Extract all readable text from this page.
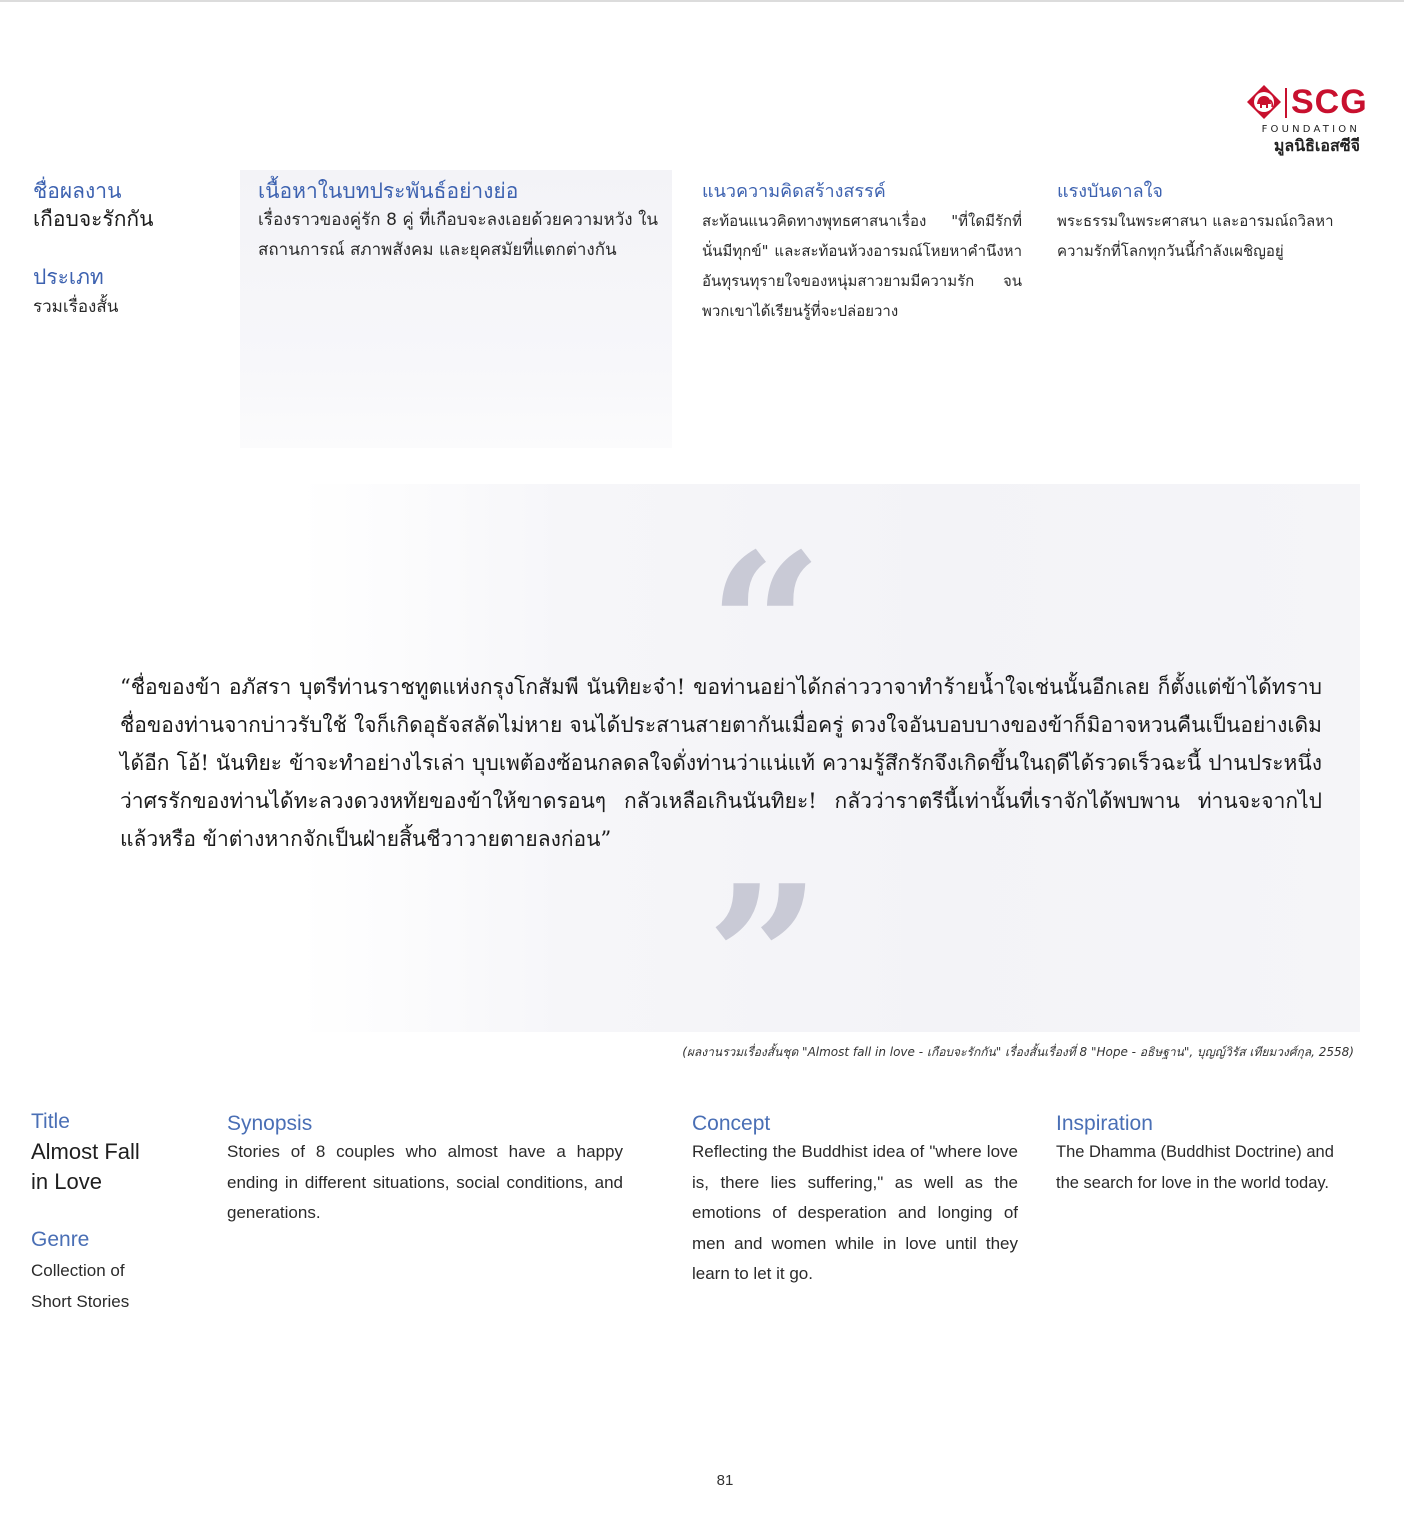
SCG
FOUNDATION
มูลนิธิเอสซีจี
ชื่อผลงาน
เกือบจะรักกัน
ประเภท
รวมเรื่องสั้น
เนื้อหาในบทประพันธ์อย่างย่อ
เรื่องราวของคู่รัก 8 คู่ ที่เกือบจะลงเอยด้วยความหวัง ในสถานการณ์ สภาพสังคม และยุคสมัยที่แตกต่างกัน
แนวความคิดสร้างสรรค์
สะท้อนแนวคิดทางพุทธศาสนาเรื่อง "ที่ใดมีรักที่นั่นมีทุกข์" และสะท้อนห้วงอารมณ์โหยหาคำนึงหา อันทุรนทุรายใจของหนุ่มสาวยามมีความรัก จนพวกเขาได้เรียนรู้ที่จะปล่อยวาง
แรงบันดาลใจ
พระธรรมในพระศาสนา และอารมณ์ถวิลหาความรักที่โลกทุกวันนี้กำลังเผชิญอยู่
“
“ชื่อของข้า อภัสรา บุตรีท่านราชทูตแห่งกรุงโกสัมพี นันทิยะจ๋า! ขอท่านอย่าได้กล่าววาจาทำร้ายน้ำใจเช่นนั้นอีกเลย ก็ตั้งแต่ข้าได้ทราบชื่อของท่านจากบ่าวรับใช้ ใจก็เกิดอุธัจสลัดไม่หาย จนได้ประสานสายตากันเมื่อครู่ ดวงใจอันบอบบางของข้าก็มิอาจหวนคืนเป็นอย่างเดิมได้อีก โอ้! นันทิยะ ข้าจะทำอย่างไรเล่า บุบเพต้องซ้อนกลดลใจดั่งท่านว่าแน่แท้ ความรู้สึกรักจึงเกิดขึ้นในฤดีได้รวดเร็วฉะนี้ ปานประหนึ่งว่าศรรักของท่านได้ทะลวงดวงหทัยของข้าให้ขาดรอนๆ กลัวเหลือเกินนันทิยะ! กลัวว่าราตรีนี้เท่านั้นที่เราจักได้พบพาน ท่านจะจากไปแล้วหรือ ข้าต่างหากจักเป็นฝ่ายสิ้นชีวาวายตายลงก่อน”
”
(ผลงานรวมเรื่องสั้นชุด "Almost fall in love - เกือบจะรักกัน" เรื่องสั้นเรื่องที่ 8 "Hope - อธิษฐาน", บุญญ์วิรัส เทียมวงศ์กุล, 2558)
Title
Almost Fall
in Love
Genre
Collection of
Short Stories
Synopsis
Stories of 8 couples who almost have a happy ending in different situations, social conditions, and generations.
Concept
Reflecting the Buddhist idea of "where love is, there lies suffering," as well as the emotions of desperation and longing of men and women while in love until they learn to let it go.
Inspiration
The Dhamma (Buddhist Doctrine) and the search for love in the world today.
81
